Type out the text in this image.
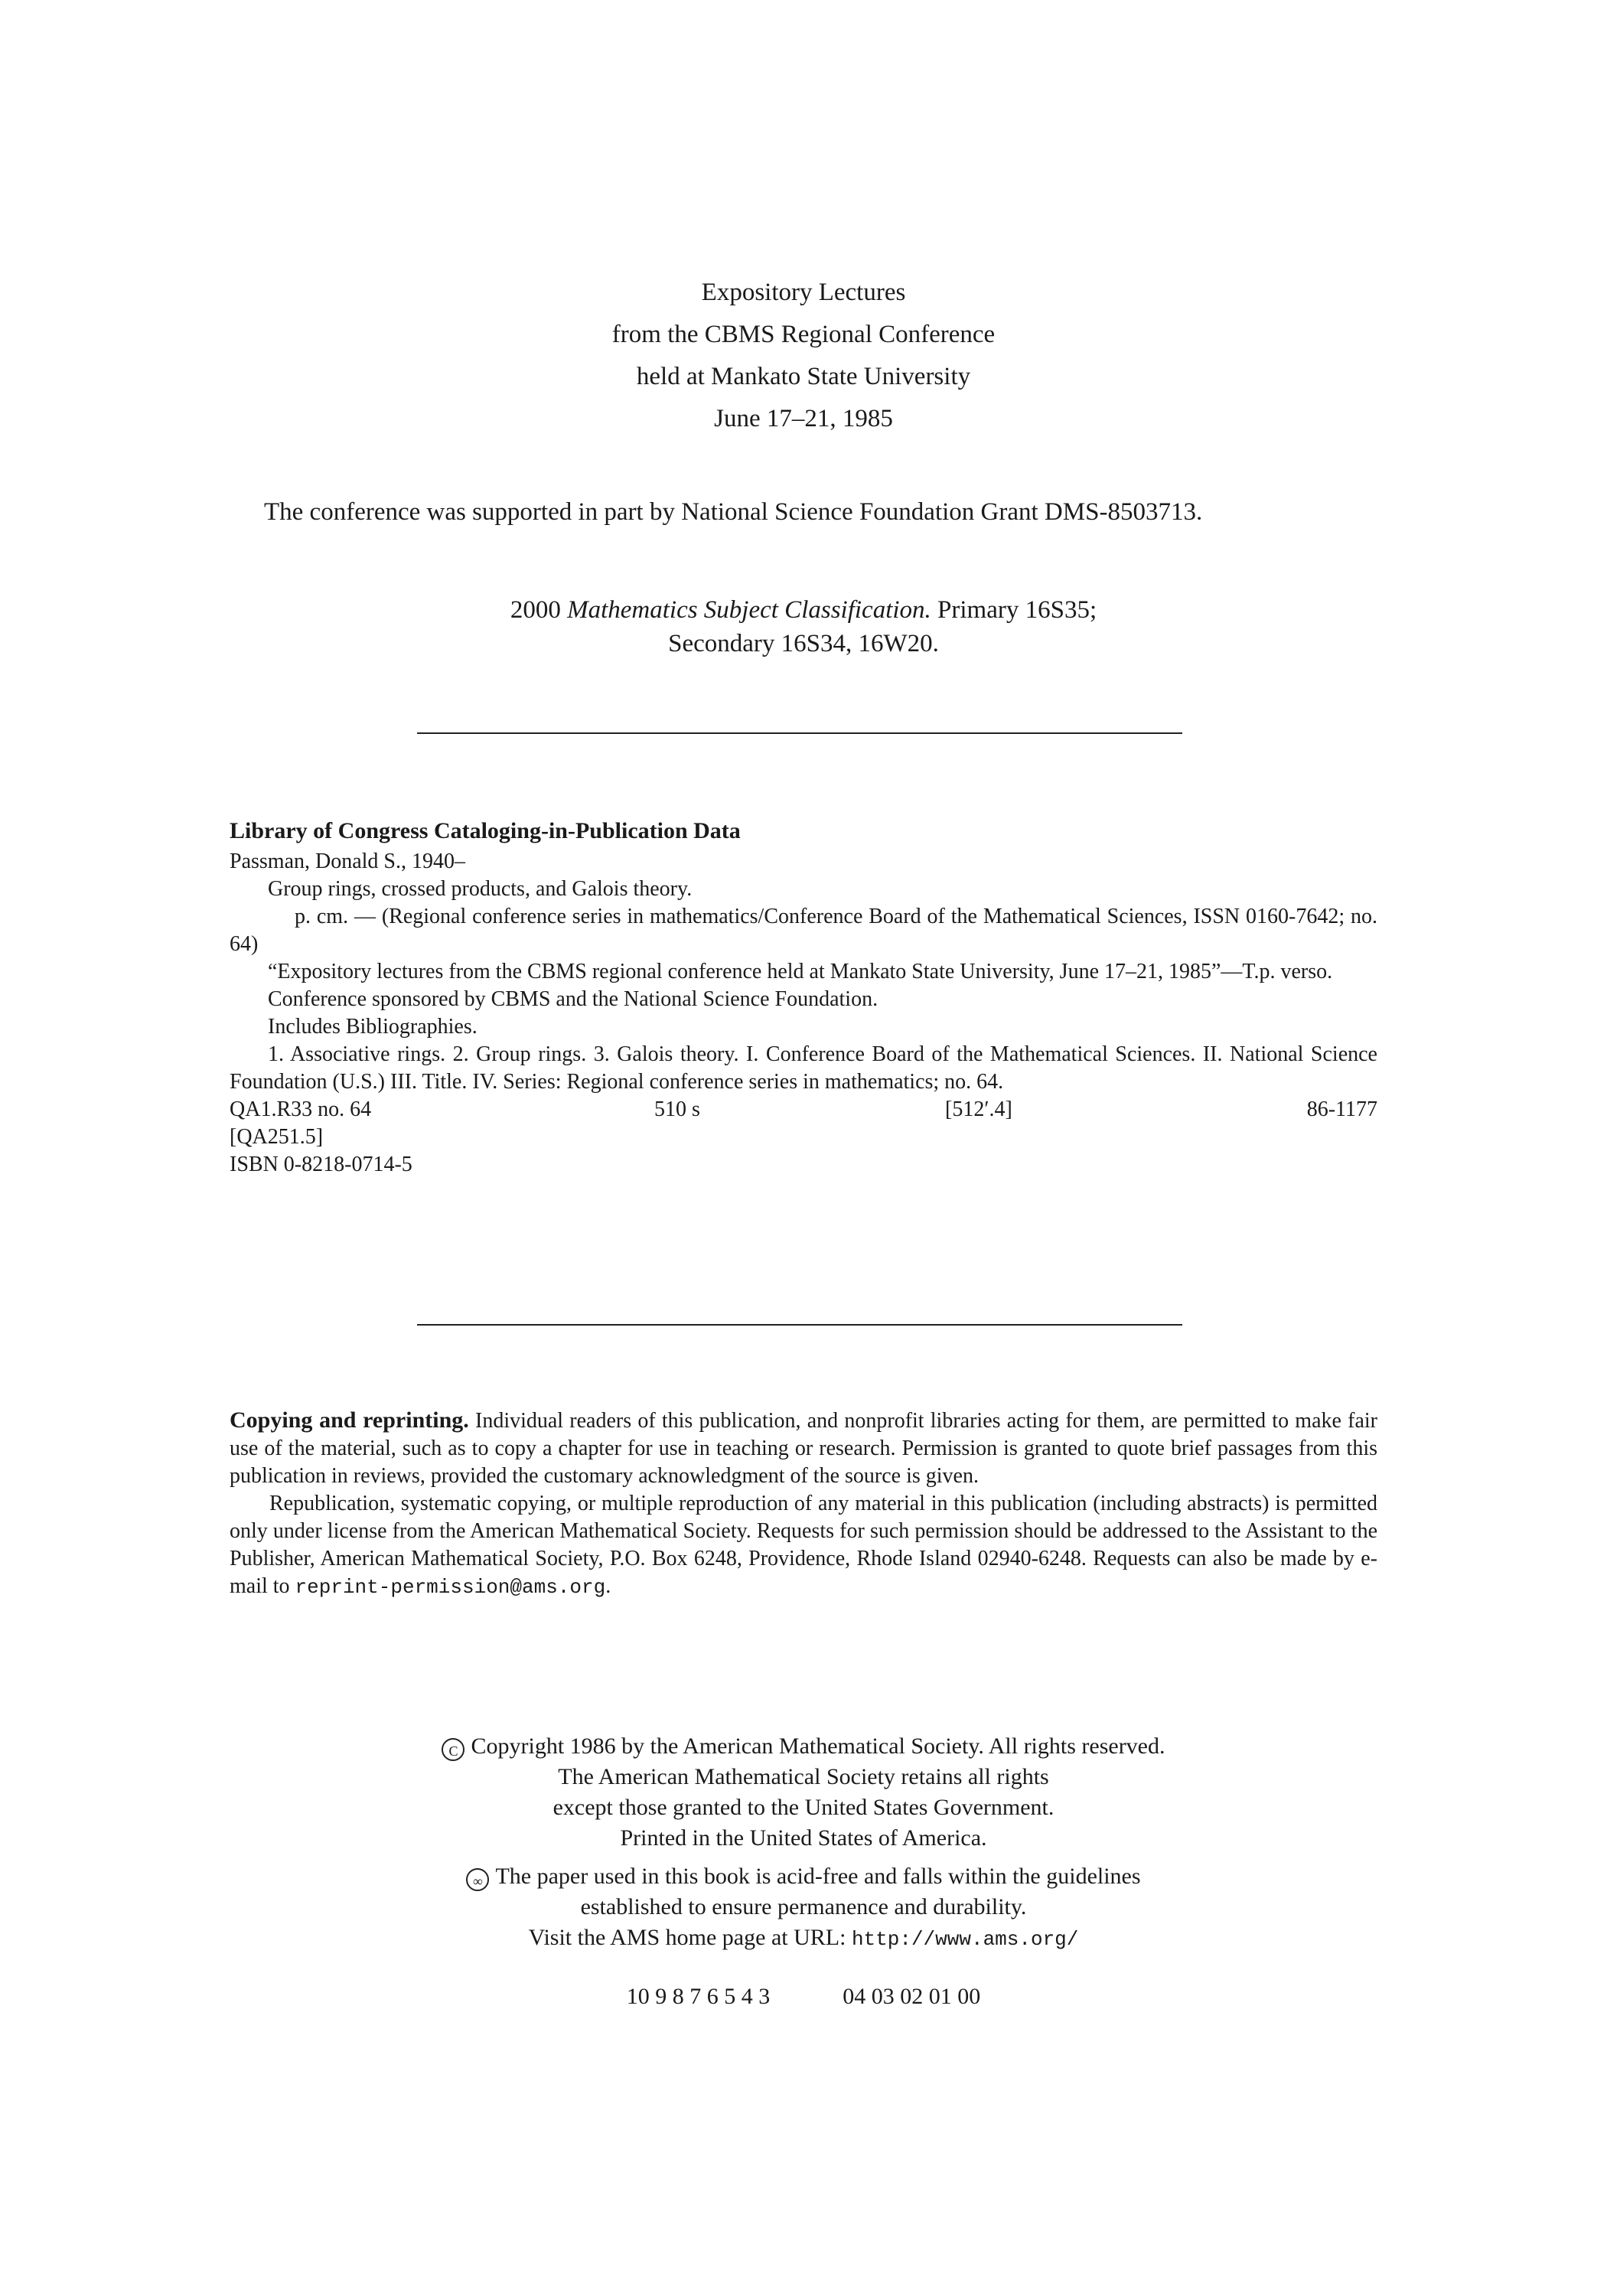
Expository Lectures
from the CBMS Regional Conference
held at Mankato State University
June 17–21, 1985
The conference was supported in part by National Science Foundation Grant DMS-8503713.
2000 Mathematics Subject Classification. Primary 16S35;
Secondary 16S34, 16W20.
Library of Congress Cataloging-in-Publication Data
Passman, Donald S., 1940–
Group rings, crossed products, and Galois theory.
p. cm. — (Regional conference series in mathematics/Conference Board of the Mathematical Sciences, ISSN 0160-7642; no. 64)
“Expository lectures from the CBMS regional conference held at Mankato State University, June 17–21, 1985”—T.p. verso.
Conference sponsored by CBMS and the National Science Foundation.
Includes Bibliographies.
1. Associative rings. 2. Group rings. 3. Galois theory. I. Conference Board of the Mathematical Sciences. II. National Science Foundation (U.S.) III. Title. IV. Series: Regional conference series in mathematics; no. 64.
QA1.R33 no. 64	510 s	[512′.4]	86-1177
[QA251.5]
ISBN 0-8218-0714-5

Copying and reprinting. Individual readers of this publication, and nonprofit libraries acting for them, are permitted to make fair use of the material, such as to copy a chapter for use in teaching or research. Permission is granted to quote brief passages from this publication in reviews, provided the customary acknowledgment of the source is given.

Republication, systematic copying, or multiple reproduction of any material in this publication (including abstracts) is permitted only under license from the American Mathematical Society. Requests for such permission should be addressed to the Assistant to the Publisher, American Mathematical Society, P.O. Box 6248, Providence, Rhode Island 02940-6248. Requests can also be made by e-mail to reprint-permission@ams.org.

C Copyright 1986 by the American Mathematical Society. All rights reserved.
The American Mathematical Society retains all rights
except those granted to the United States Government.
Printed in the United States of America.
∞ The paper used in this book is acid-free and falls within the guidelines
established to ensure permanence and durability.
Visit the AMS home page at URL: http://www.ams.org/
10 9 8 7 6 5 4 3	04 03 02 01 00
